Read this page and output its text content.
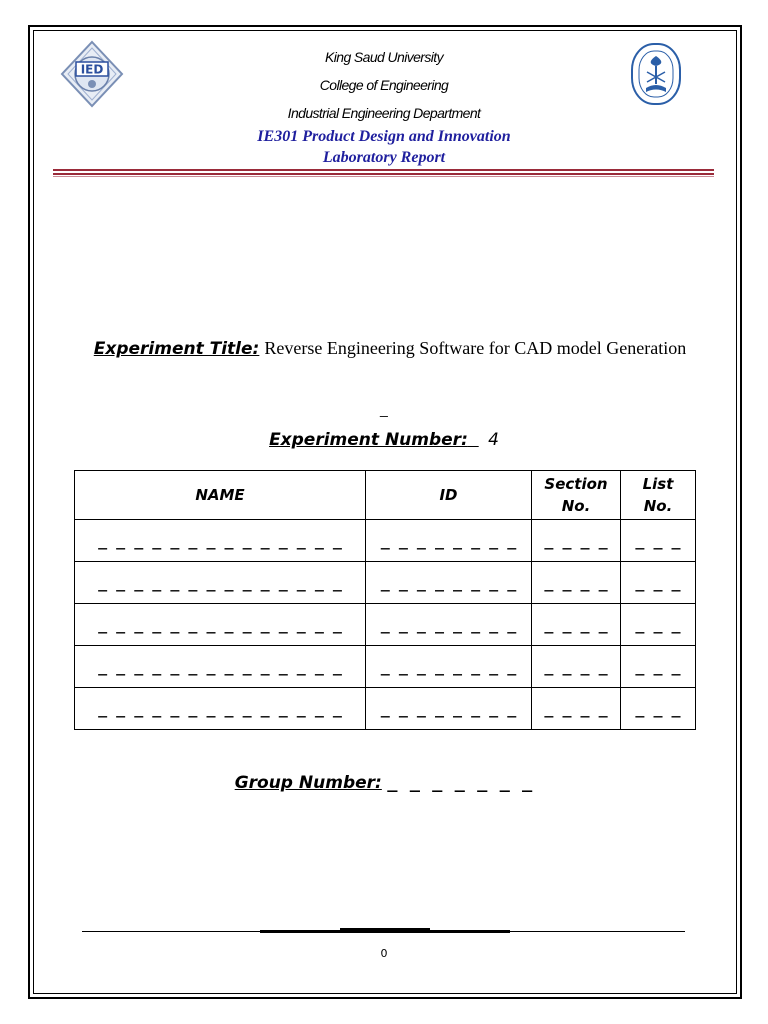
IED
King Saud University
College of Engineering
Industrial Engineering Department
IE301 Product Design and Innovation
Laboratory Report
Experiment Title: Reverse Engineering Software for CAD model Generation
_
Experiment Number: 4
NAME	ID	Section No.	List No.
_ _ _ _ _ _ _ _ _ _ _ _ _ _	_ _ _ _ _ _ _ _	_ _ _ _	_ _ _
_ _ _ _ _ _ _ _ _ _ _ _ _ _	_ _ _ _ _ _ _ _	_ _ _ _	_ _ _
_ _ _ _ _ _ _ _ _ _ _ _ _ _	_ _ _ _ _ _ _ _	_ _ _ _	_ _ _
_ _ _ _ _ _ _ _ _ _ _ _ _ _	_ _ _ _ _ _ _ _	_ _ _ _	_ _ _
_ _ _ _ _ _ _ _ _ _ _ _ _ _	_ _ _ _ _ _ _ _	_ _ _ _	_ _ _
Group Number: _ _ _ _ _ _ _
0
